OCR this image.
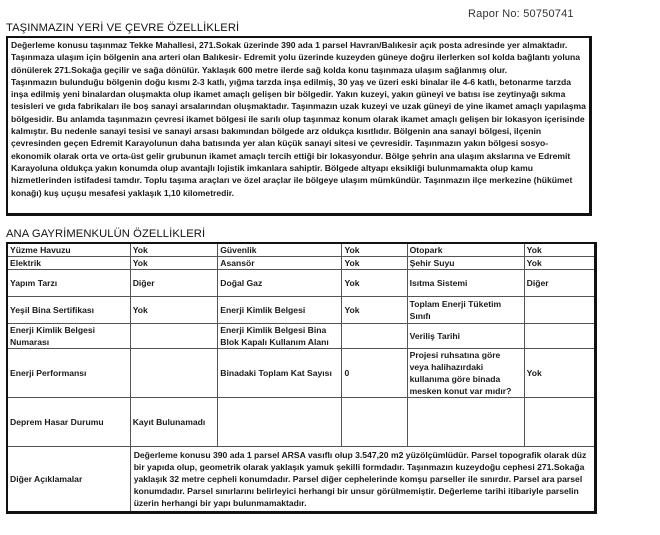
Rapor No: 50750741
TAŞINMAZIN YERİ VE ÇEVRE ÖZELLİKLERİ

Değerleme konusu taşınmaz Tekke Mahallesi, 271.Sokak üzerinde 390 ada 1 parsel Havran/Balıkesir açık posta adresinde yer almaktadır. Taşınmaza ulaşım için bölgenin ana arteri olan Balıkesir- Edremit yolu üzerinde kuzeyden güneye doğru ilerlerken sol kolda bağlantı yoluna dönülerek 271.Sokağa geçilir ve sağa dönülür. Yaklaşık 600 metre ilerde sağ kolda konu taşınmaza ulaşım sağlanmış olur.

Taşınmazın bulunduğu bölgenin doğu kısmı 2-3 katlı, yığma tarzda inşa edilmiş, 30 yaş ve üzeri eski binalar ile 4-6 katlı, betonarme tarzda inşa edilmiş yeni binalardan oluşmakta olup ikamet amaçlı gelişen bir bölgedir. Yakın kuzeyi, yakın güneyi ve batısı ise zeytinyağı sıkma tesisleri ve gıda fabrikaları ile boş sanayi arsalarından oluşmaktadır. Taşınmazın uzak kuzeyi ve uzak güneyi de yine ikamet amaçlı yapılaşma bölgesidir. Bu anlamda taşınmazın çevresi ikamet bölgesi ile sarılı olup taşınmaz konum olarak ikamet amaçlı gelişen bir lokasyon içerisinde kalmıştır. Bu nedenle sanayi tesisi ve sanayi arsası bakımından bölgede arz oldukça kısıtlıdır. Bölgenin ana sanayi bölgesi, ilçenin çevresinden geçen Edremit Karayolunun daha batısında yer alan küçük sanayi sitesi ve çevresidir. Taşınmazın yakın bölgesi sosyo-ekonomik olarak orta ve orta-üst gelir grubunun ikamet amaçlı tercih ettiği bir lokasyondur. Bölge şehrin ana ulaşım akslarına ve Edremit Karayoluna oldukça yakın konumda olup avantajlı lojistik imkanlara sahiptir. Bölgede altyapı eksikliği bulunmamakta olup kamu hizmetlerinden istifadesi tamdır. Toplu taşıma araçları ve özel araçlar ile bölgeye ulaşım mümkündür. Taşınmazın ilçe merkezine (hükümet konağı) kuş uçuşu mesafesi yaklaşık 1,10 kilometredir.

ANA GAYRİMENKULÜN ÖZELLİKLERİ
Yüzme Havuzu	Yok	Güvenlik	Yok	Otopark	Yok
Elektrik	Yok	Asansör	Yok	Şehir Suyu	Yok
Yapım Tarzı	Diğer	Doğal Gaz	Yok	Isıtma Sistemi	Diğer
Yeşil Bina Sertifikası	Yok	Enerji Kimlik Belgesi	Yok	Toplam Enerji Tüketim Sınıfı	
Enerji Kimlik Belgesi Numarası		Enerji Kimlik Belgesi Bina Blok Kapalı Kullanım Alanı		Veriliş Tarihi	
Enerji Performansı		Binadaki Toplam Kat Sayısı	0	Projesi ruhsatına göre veya halihazırdaki kullanıma göre binada mesken konut var mıdır?	Yok
Deprem Hasar Durumu	Kayıt Bulunamadı				
Diğer Açıklamalar	Değerleme konusu 390 ada 1 parsel ARSA vasıflı olup 3.547,20 m2 yüzölçümlüdür. Parsel topografik olarak düz bir yapıda olup, geometrik olarak yaklaşık yamuk şekilli formdadır. Taşınmazın kuzeydoğu cephesi 271.Sokağa yaklaşık 32 metre cepheli konumdadır. Parsel diğer cephelerinde komşu parseller ile sınırdır. Parsel ara parsel konumdadır. Parsel sınırlarını belirleyici herhangi bir unsur görülmemiştir. Değerleme tarihi itibariyle parselin üzerin herhangi bir yapı bulunmamaktadır.				
